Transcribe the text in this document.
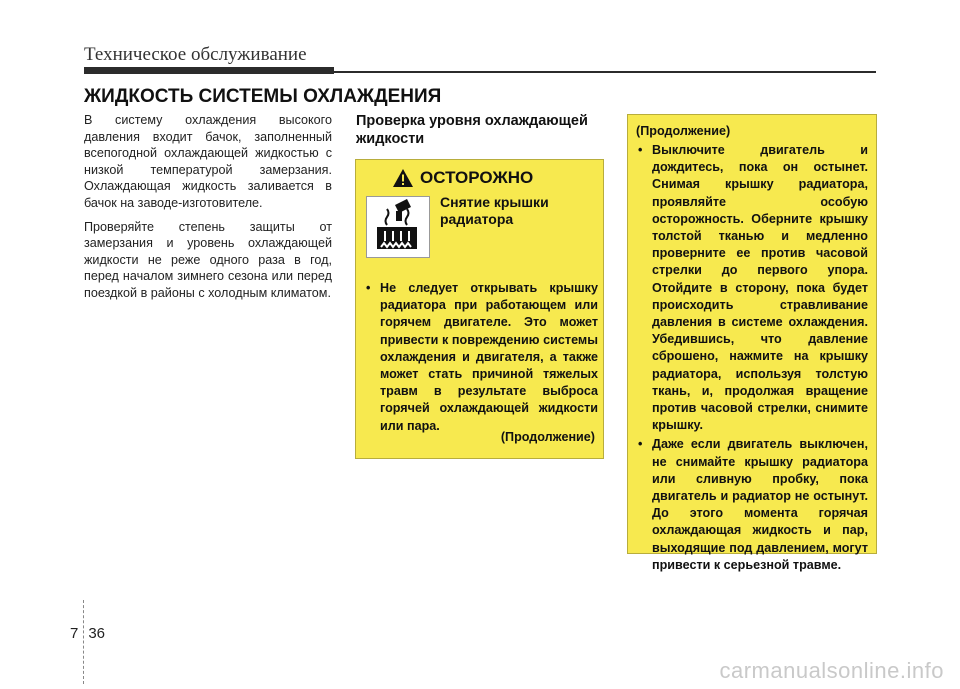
Техническое обслуживание
ЖИДКОСТЬ СИСТЕМЫ ОХЛАЖДЕНИЯ

В систему охлаждения высокого давления входит бачок, заполненный всепогодной охлаждающей жидкостью с низкой температурой замерзания. Охлаждающая жидкость заливается в бачок на заводе-изготовителе.

Проверяйте степень защиты от замерзания и уровень охлаждающей жидкости не реже одного раза в год, перед началом зимнего сезона или перед поездкой в районы с холодным климатом.

Проверка уровня охлаждающей жидкости
ОСТОРОЖНО
Снятие крышки радиатора
• Не следует открывать крышку радиатора при работающем или горячем двигателе. Это может привести к повреждению системы охлаждения и двигателя, а также может стать причиной тяжелых травм в результате выброса горячей охлаждающей жидкости или пара.
(Продолжение)
(Продолжение)
• Выключите двигатель и дождитесь, пока он остынет. Снимая крышку радиатора, проявляйте особую осторожность. Оберните крышку толстой тканью и медленно проверните ее против часовой стрелки до первого упора. Отойдите в сторону, пока будет происходить стравливание давления в системе охлаждения. Убедившись, что давление сброшено, нажмите на крышку радиатора, используя толстую ткань, и, продолжая вращение против часовой стрелки, снимите крышку.
• Даже если двигатель выключен, не снимайте крышку радиатора или сливную пробку, пока двигатель и радиатор не остынут. До этого момента горячая охлаждающая жидкость и пар, выходящие под давлением, могут привести к серьезной травме.
7 36
carmanualsonline.info
